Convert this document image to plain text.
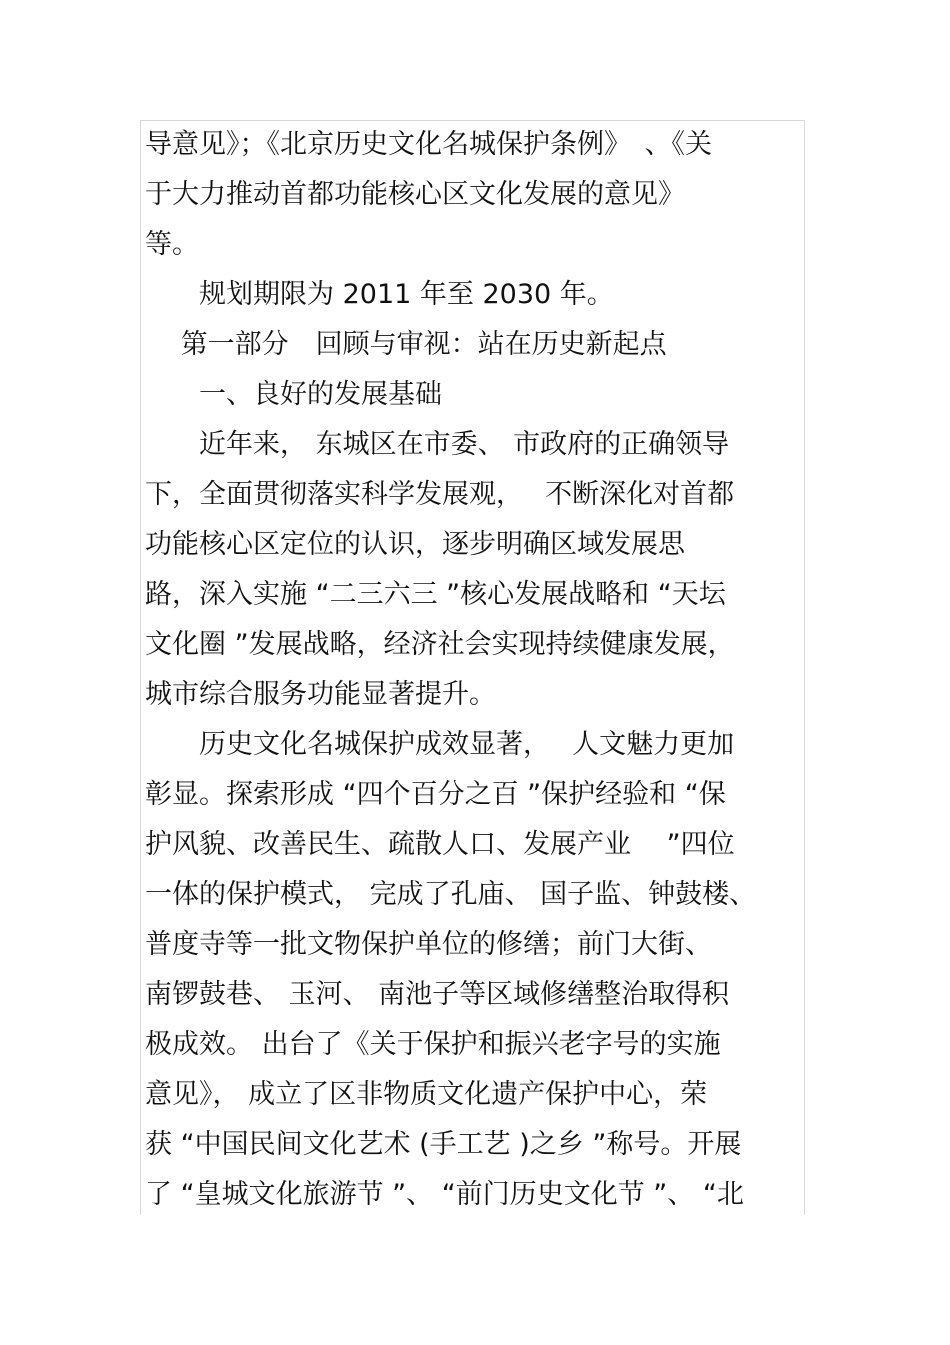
导意见》；《北京历史文化名城保护条例》　、《关
于大力推动首都功能核心区文化发展的意见》
等。
　　规划期限为 2011 年至 2030 年。
　 第一部分　回顾与审视：站在历史新起点
　　一、良好的发展基础
　　近年来， 东城区在市委、 市政府的正确领导
下，全面贯彻落实科学发展观，　 不断深化对首都
功能核心区定位的认识，逐步明确区域发展思
路，深入实施 “二三六三 ”核心发展战略和 “天坛
文化圈 ”发展战略，经济社会实现持续健康发展，
城市综合服务功能显著提升。
　　历史文化名城保护成效显著，　 人文魅力更加
彰显。探索形成 “四个百分之百 ”保护经验和 “保
护风貌、改善民生、疏散人口、发展产业　 ”四位
一体的保护模式， 完成了孔庙、 国子监、钟鼓楼、
普度寺等一批文物保护单位的修缮；前门大街、
南锣鼓巷、 玉河、 南池子等区域修缮整治取得积
极成效。 出台了《关于保护和振兴老字号的实施
意见》， 成立了区非物质文化遗产保护中心，荣
获 “中国民间文化艺术 (手工艺 )之乡 ”称号。开展
了 “皇城文化旅游节 ”、 “前门历史文化节 ”、 “北
